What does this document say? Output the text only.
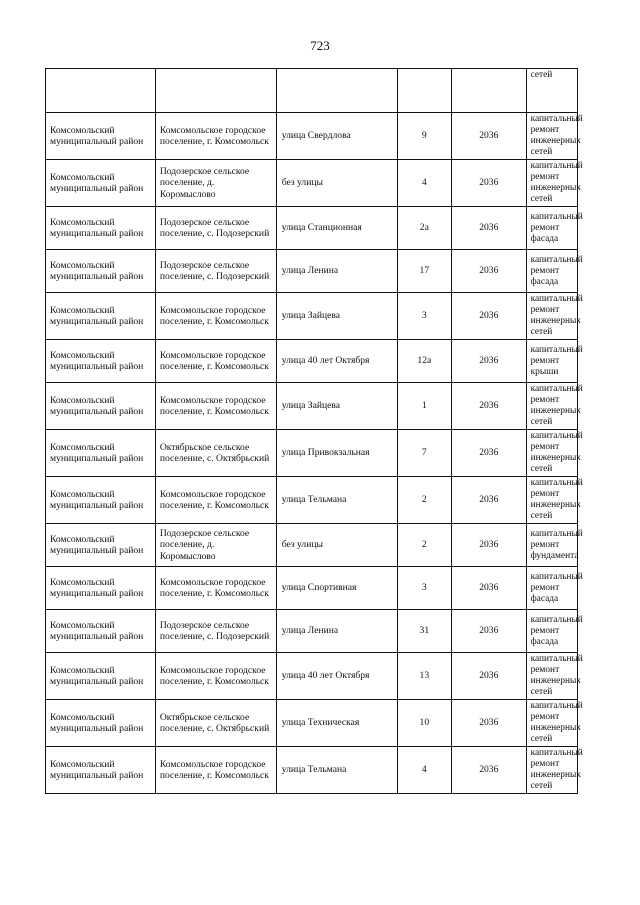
723
					сетей
Комсомольский муниципальный район	Комсомольское городское поселение, г. Комсомольск	улица Свердлова	9	2036	капитальный ремонт инженерных сетей
Комсомольский муниципальный район	Подозерское сельское поселение, д. Коромыслово	без улицы	4	2036	капитальный ремонт инженерных сетей
Комсомольский муниципальный район	Подозерское сельское поселение, с. Подозерский	улица Станционная	2а	2036	капитальный ремонт фасада
Комсомольский муниципальный район	Подозерское сельское поселение, с. Подозерский	улица Ленина	17	2036	капитальный ремонт фасада
Комсомольский муниципальный район	Комсомольское городское поселение, г. Комсомольск	улица Зайцева	3	2036	капитальный ремонт инженерных сетей
Комсомольский муниципальный район	Комсомольское городское поселение, г. Комсомольск	улица 40 лет Октября	12а	2036	капитальный ремонт крыши
Комсомольский муниципальный район	Комсомольское городское поселение, г. Комсомольск	улица Зайцева	1	2036	капитальный ремонт инженерных сетей
Комсомольский муниципальный район	Октябрьское сельское поселение, с. Октябрьский	улица Привокзальная	7	2036	капитальный ремонт инженерных сетей
Комсомольский муниципальный район	Комсомольское городское поселение, г. Комсомольск	улица Тельмана	2	2036	капитальный ремонт инженерных сетей
Комсомольский муниципальный район	Подозерское сельское поселение, д. Коромыслово	без улицы	2	2036	капитальный ремонт фундамента
Комсомольский муниципальный район	Комсомольское городское поселение, г. Комсомольск	улица Спортивная	3	2036	капитальный ремонт фасада
Комсомольский муниципальный район	Подозерское сельское поселение, с. Подозерский	улица Ленина	31	2036	капитальный ремонт фасада
Комсомольский муниципальный район	Комсомольское городское поселение, г. Комсомольск	улица 40 лет Октября	13	2036	капитальный ремонт инженерных сетей
Комсомольский муниципальный район	Октябрьское сельское поселение, с. Октябрьский	улица Техническая	10	2036	капитальный ремонт инженерных сетей
Комсомольский муниципальный район	Комсомольское городское поселение, г. Комсомольск	улица Тельмана	4	2036	капитальный ремонт инженерных сетей
